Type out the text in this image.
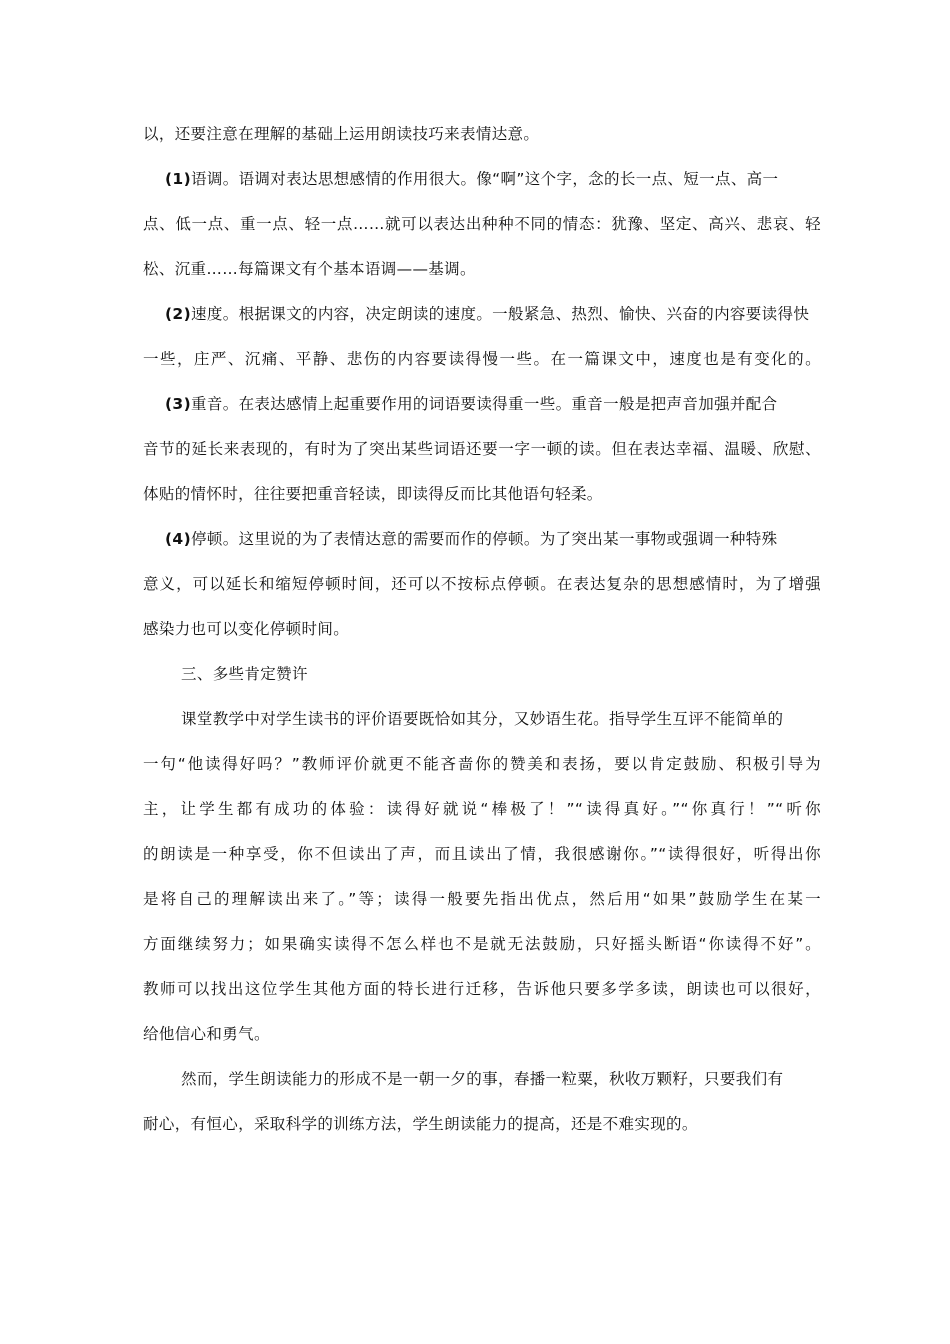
以，还要注意在理解的基础上运用朗读技巧来表情达意。
(1)语调。语调对表达思想感情的作用很大。像“啊”这个字，念的长一点、短一点、高一
点、低一点、重一点、轻一点……就可以表达出种种不同的情态：犹豫、坚定、高兴、悲哀、轻
松、沉重……每篇课文有个基本语调——基调。
(2)速度。根据课文的内容，决定朗读的速度。一般紧急、热烈、愉快、兴奋的内容要读得快
一些，庄严、沉痛、平静、悲伤的内容要读得慢一些。在一篇课文中，速度也是有变化的。
(3)重音。在表达感情上起重要作用的词语要读得重一些。重音一般是把声音加强并配合
音节的延长来表现的，有时为了突出某些词语还要一字一顿的读。但在表达幸福、温暖、欣慰、
体贴的情怀时，往往要把重音轻读，即读得反而比其他语句轻柔。
(4)停顿。这里说的为了表情达意的需要而作的停顿。为了突出某一事物或强调一种特殊
意义，可以延长和缩短停顿时间，还可以不按标点停顿。在表达复杂的思想感情时，为了增强
感染力也可以变化停顿时间。
三、多些肯定赞许
课堂教学中对学生读书的评价语要既恰如其分，又妙语生花。指导学生互评不能简单的
一句“他读得好吗？”教师评价就更不能吝啬你的赞美和表扬，要以肯定鼓励、积极引导为
主，让学生都有成功的体验：读得好就说“棒极了！”“读得真好。”“你真行！”“听你
的朗读是一种享受，你不但读出了声，而且读出了情，我很感谢你。”“读得很好，听得出你
是将自己的理解读出来了。”等；读得一般要先指出优点，然后用“如果”鼓励学生在某一
方面继续努力；如果确实读得不怎么样也不是就无法鼓励，只好摇头断语“你读得不好”。
教师可以找出这位学生其他方面的特长进行迁移，告诉他只要多学多读，朗读也可以很好，
给他信心和勇气。
然而，学生朗读能力的形成不是一朝一夕的事，春播一粒粟，秋收万颗籽，只要我们有
耐心，有恒心，采取科学的训练方法，学生朗读能力的提高，还是不难实现的。
